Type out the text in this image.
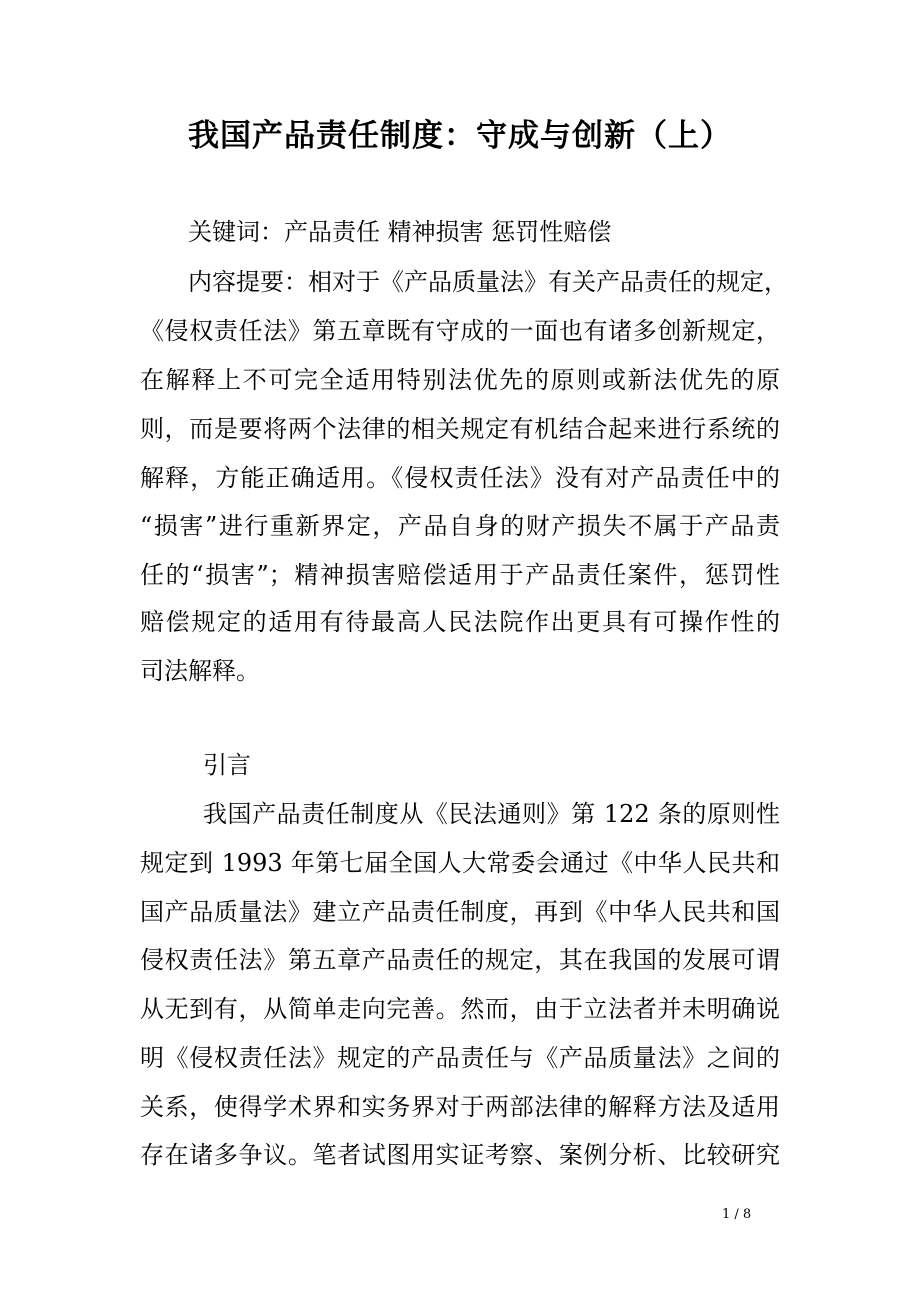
我国产品责任制度：守成与创新（上）
关键词：产品责任 精神损害 惩罚性赔偿
内容提要：相对于《产品质量法》有关产品责任的规定，
《侵权责任法》第五章既有守成的一面也有诸多创新规定，
在解释上不可完全适用特别法优先的原则或新法优先的原
则，而是要将两个法律的相关规定有机结合起来进行系统的
解释，方能正确适用。《侵权责任法》没有对产品责任中的
“损害”进行重新界定，产品自身的财产损失不属于产品责
任的“损害”；精神损害赔偿适用于产品责任案件，惩罚性
赔偿规定的适用有待最高人民法院作出更具有可操作性的
司法解释。
引言
我国产品责任制度从《民法通则》第 122 条的原则性
规定到 1993 年第七届全国人大常委会通过《中华人民共和
国产品质量法》建立产品责任制度，再到《中华人民共和国
侵权责任法》第五章产品责任的规定，其在我国的发展可谓
从无到有，从简单走向完善。然而，由于立法者并未明确说
明《侵权责任法》规定的产品责任与《产品质量法》之间的
关系，使得学术界和实务界对于两部法律的解释方法及适用
存在诸多争议。笔者试图用实证考察、案例分析、比较研究
1 / 8
